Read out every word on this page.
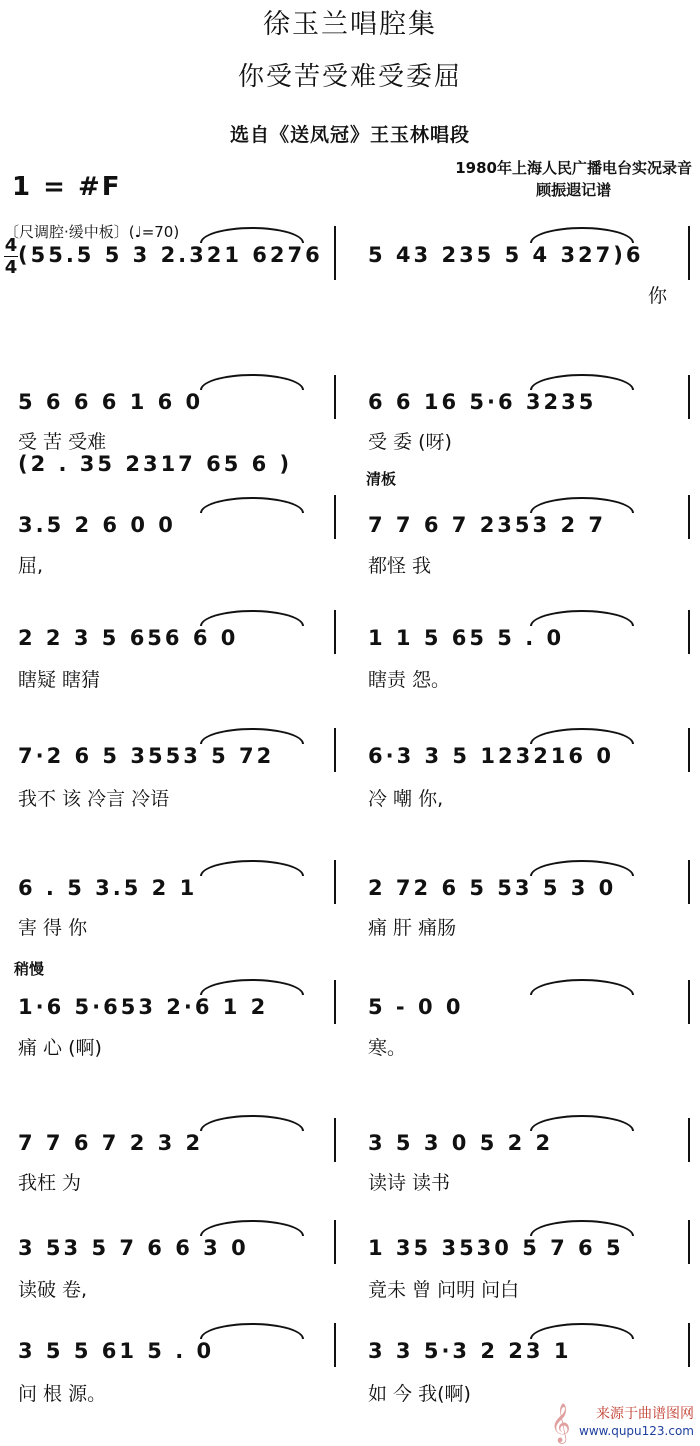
徐玉兰唱腔集
你受苦受难受委屈
选自《送凤冠》王玉林唱段
1 = #F
1980年上海人民广播电台实况录音
顾振遐记谱
〔尺调腔·缓中板〕(♩=70)
4
4
清板
稍慢
(55.5 5 3 2.321 6276 5 43 235 5 4 327)6
你
5 6 6 6 1 6 0
受 苦 受难
6 6 16 5·6 3235
受 委 (呀)
(2 . 35 2317 65 6 )
3.5 2 6 0 0
屈,
7 7 6 7 2353 2 7
都怪 我
2 2 3 5 656 6 0
瞎疑 瞎猜
1 1 5 65 5 . 0
瞎责 怨。
7·2 6 5 3553 5 72
我不 该 冷言 冷语
6·3 3 5 123216 0
冷 嘲 你,
6 . 5 3.5 2 1
害 得 你
2 72 6 5 53 5 3 0
痛 肝 痛肠
1·6 5·653 2·6 1 2
痛 心 (啊)
5 - 0 0
寒。
7 7 6 7 2 3 2
我枉 为
3 5 3 0 5 2 2
读诗 读书
3 53 5 7 6 6 3 0
读破 卷,
1 35 3530 5 7 6 5
竟未 曾 问明 问白
3 5 5 61 5 . 0
问 根 源。
3 3 5·3 2 23 1
如 今 我(啊)
𝄞	来源于曲谱图网
www.qupu123.com
